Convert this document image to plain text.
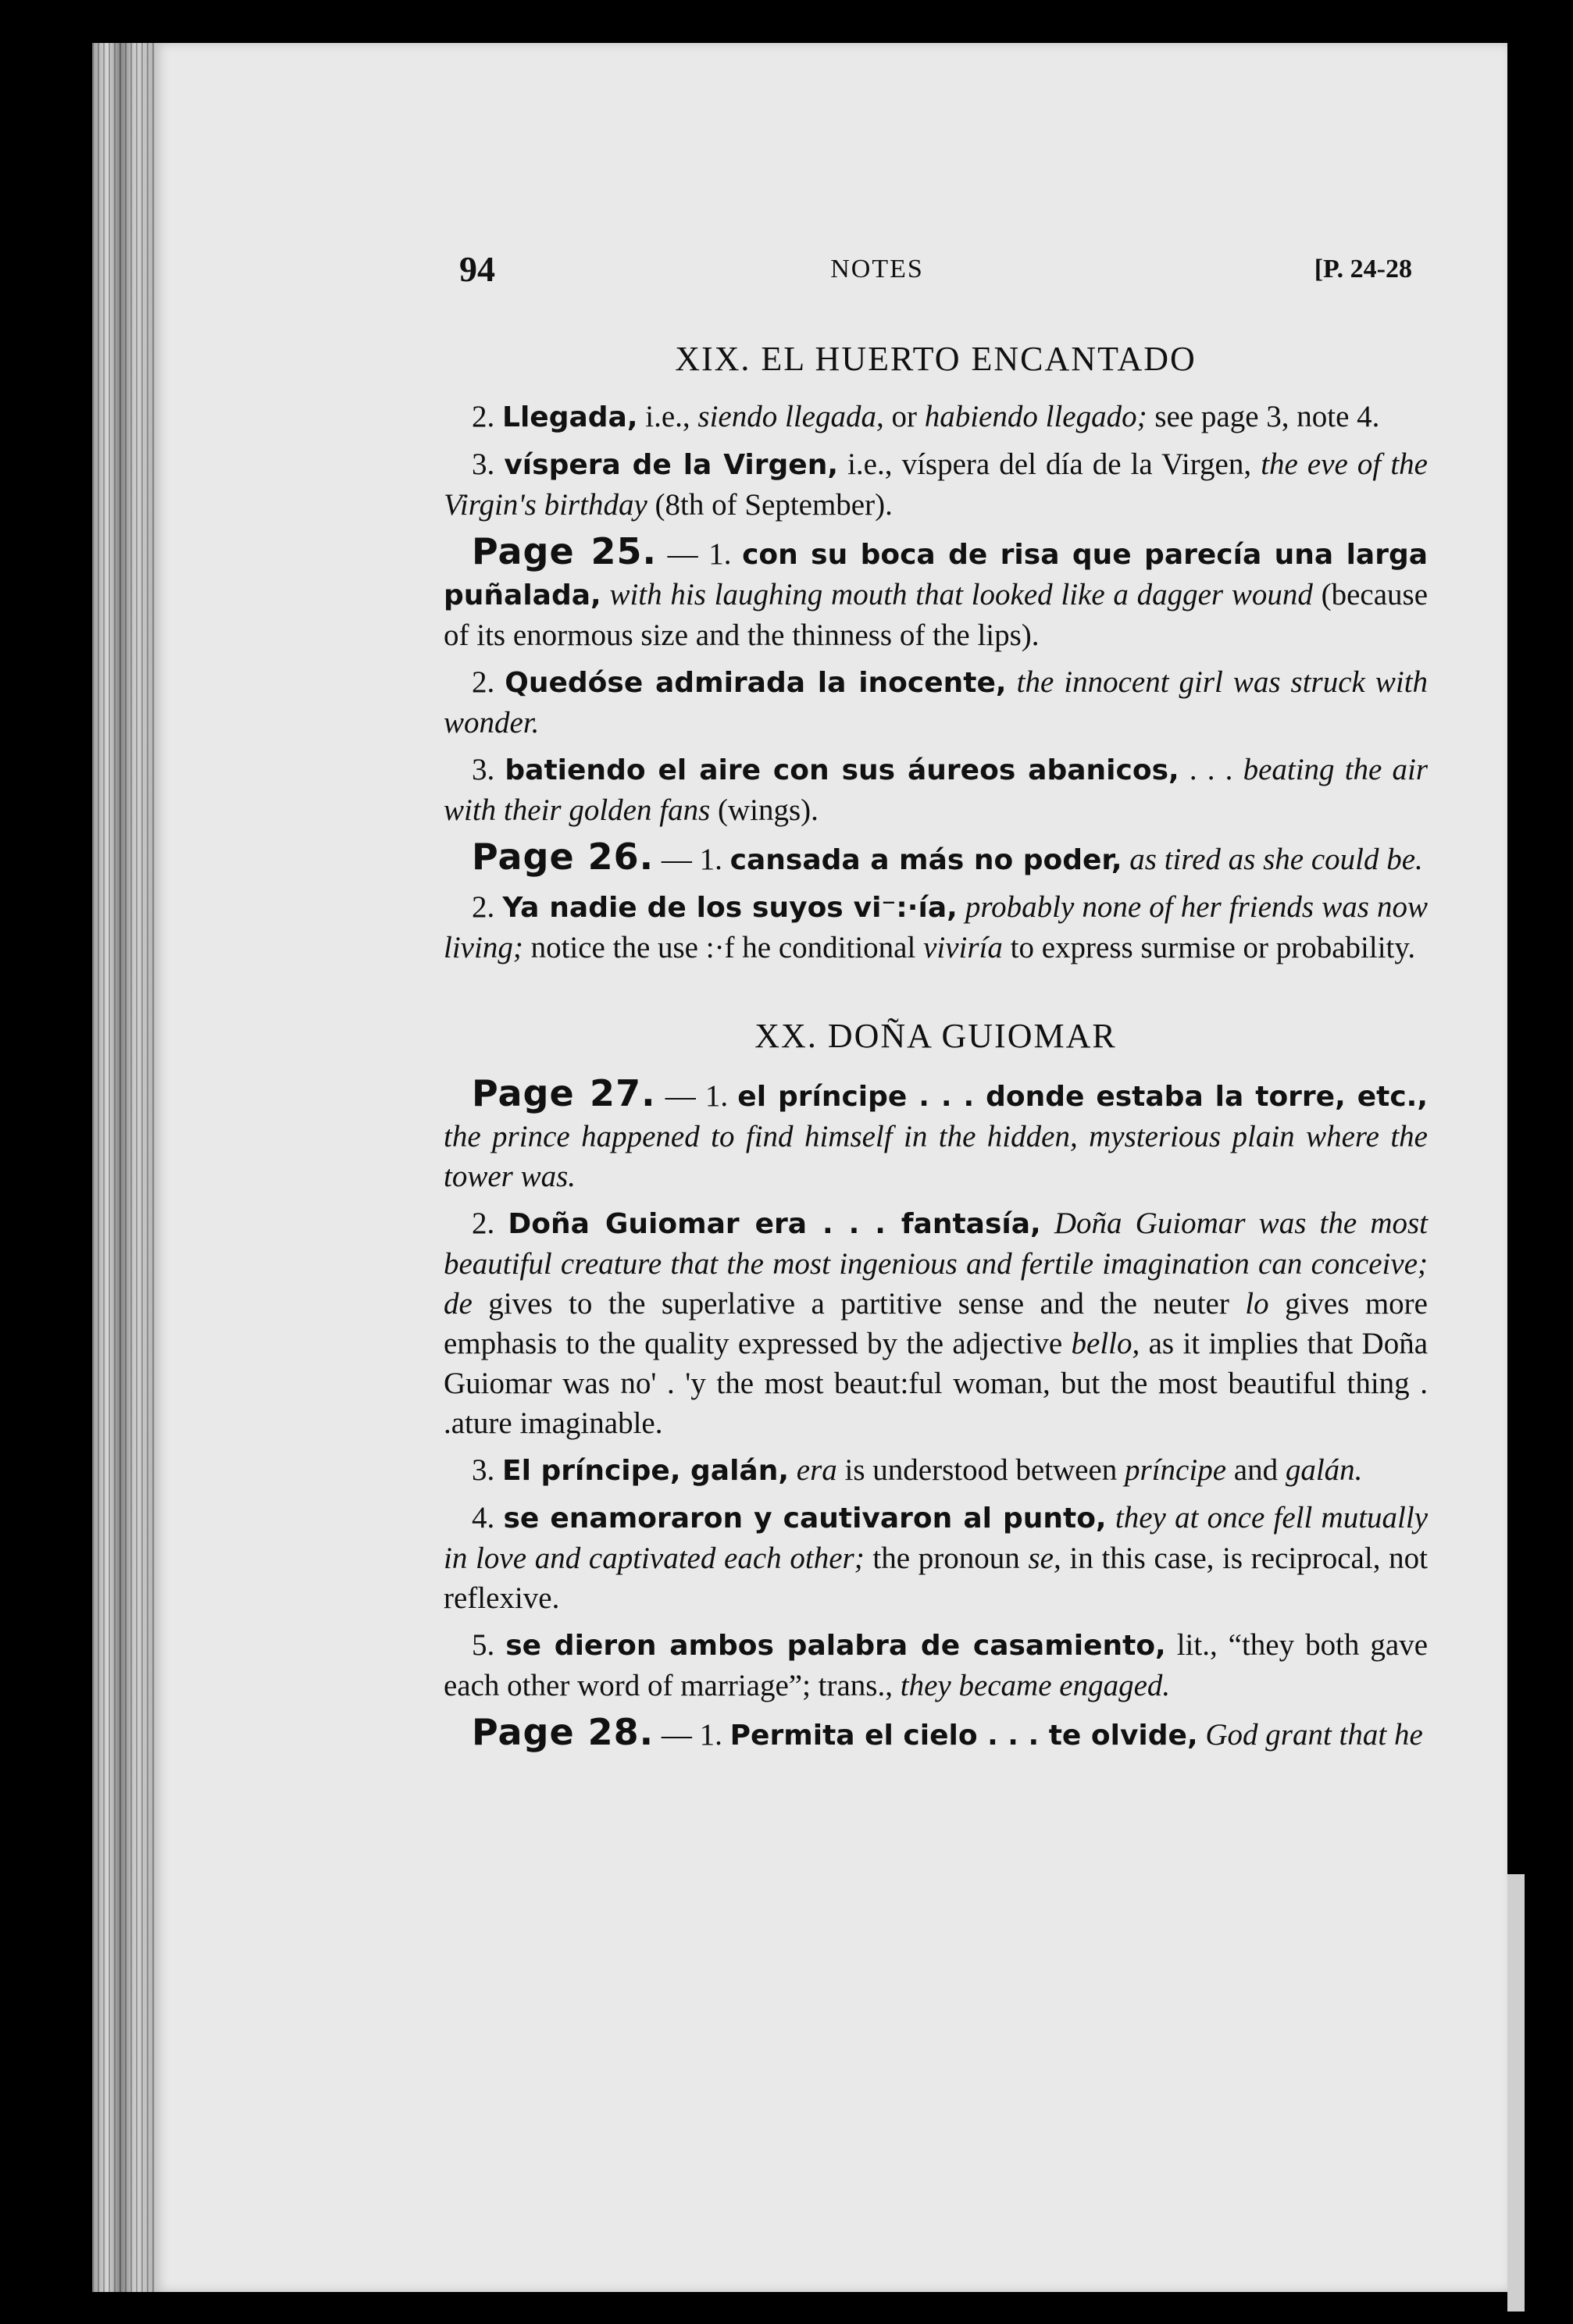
94	NOTES	[P. 24-28
XIX. EL HUERTO ENCANTADO

2. Llegada, i.e., siendo llegada, or habiendo llegado; see page 3, note 4.

3. víspera de la Virgen, i.e., víspera del día de la Virgen, the eve of the Virgin's birthday (8th of September).

Page 25. — 1. con su boca de risa que parecía una larga puñalada, with his laughing mouth that looked like a dagger wound (because of its enormous size and the thinness of the lips).

2. Quedóse admirada la inocente, the innocent girl was struck with wonder.

3. batiendo el aire con sus áureos abanicos, . . . beating the air with their golden fans (wings).

Page 26. — 1. cansada a más no poder, as tired as she could be.

2. Ya nadie de los suyos vi⁻:·ía, probably none of her friends was now living; notice the use :·f he conditional viviría to express surmise or probability.

XX. DOÑA GUIOMAR

Page 27. — 1. el príncipe . . . donde estaba la torre, etc., the prince happened to find himself in the hidden, mysterious plain where the tower was.

2. Doña Guiomar era . . . fantasía, Doña Guiomar was the most beautiful creature that the most ingenious and fertile imagination can conceive; de gives to the superlative a partitive sense and the neuter lo gives more emphasis to the quality expressed by the adjective bello, as it implies that Doña Guiomar was no' . 'y the most beaut:ful woman, but the most beautiful thing . .ature imaginable.

3. El príncipe, galán, era is understood between príncipe and galán.

4. se enamoraron y cautivaron al punto, they at once fell mutually in love and captivated each other; the pronoun se, in this case, is reciprocal, not reflexive.

5. se dieron ambos palabra de casamiento, lit., “they both gave each other word of marriage”; trans., they became engaged.

Page 28. — 1. Permita el cielo . . . te olvide, God grant that he
